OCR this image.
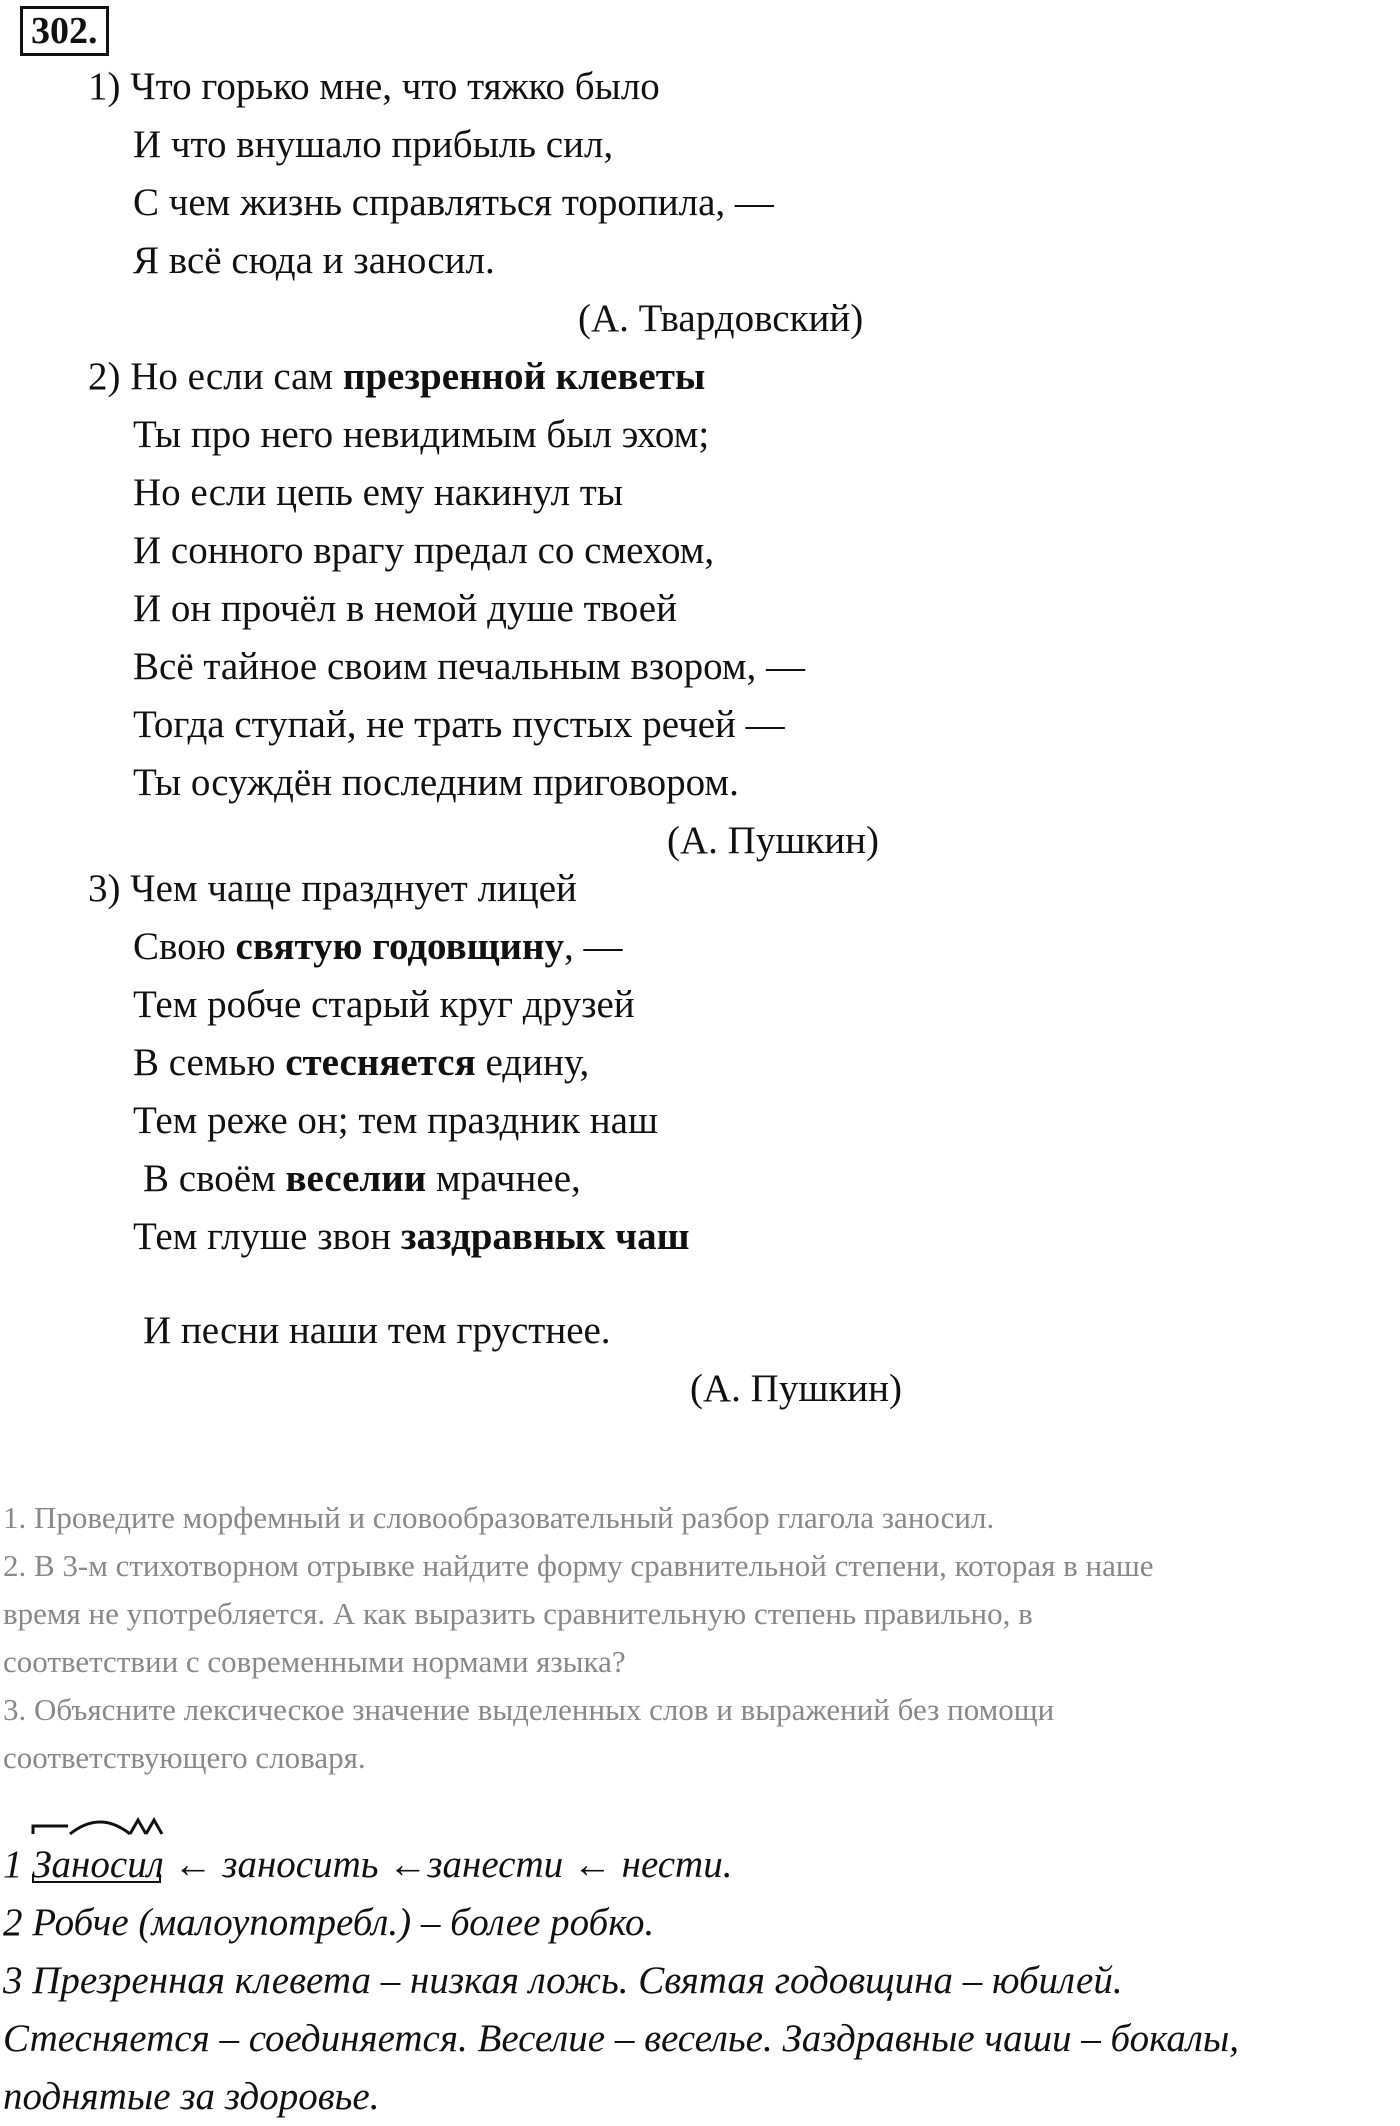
302.
1) Что горько мне, что тяжко было
И что внушало прибыль сил,
С чем жизнь справляться торопила, —
Я всё сюда и заносил.
(А. Твардовский)
2) Но если сам презренной клеветы
Ты про него невидимым был эхом;
Но если цепь ему накинул ты
И сонного врагу предал со смехом,
И он прочёл в немой душе твоей
Всё тайное своим печальным взором, —
Тогда ступай, не трать пустых речей —
Ты осуждён последним приговором.
(А. Пушкин)
3) Чем чаще празднует лицей
Свою святую годовщину, —
Тем робче старый круг друзей
В семью стесняется едину,
Тем реже он; тем праздник наш
В своём веселии мрачнее,
Тем глуше звон заздравных чаш
И песни наши тем грустнее.
(А. Пушкин)
1. Проведите морфемный и словообразовательный разбор глагола заносил.
2. В 3-м стихотворном отрывке найдите форму сравнительной степени, которая в наше
время не употребляется. А как выразить сравнительную степень правильно, в
соответствии с современными нормами языка?
3. Объясните лексическое значение выделенных слов и выражений без помощи
соответствующего словаря.
1
Заносил ← заносить ←занести ← нести.
2 Робче (малоупотребл.) – более робко.
3 Презренная клевета – низкая ложь. Святая годовщина – юбилей.
Стесняется – соединяется. Веселие – веселье. Заздравные чаши – бокалы,
поднятые за здоровье.
